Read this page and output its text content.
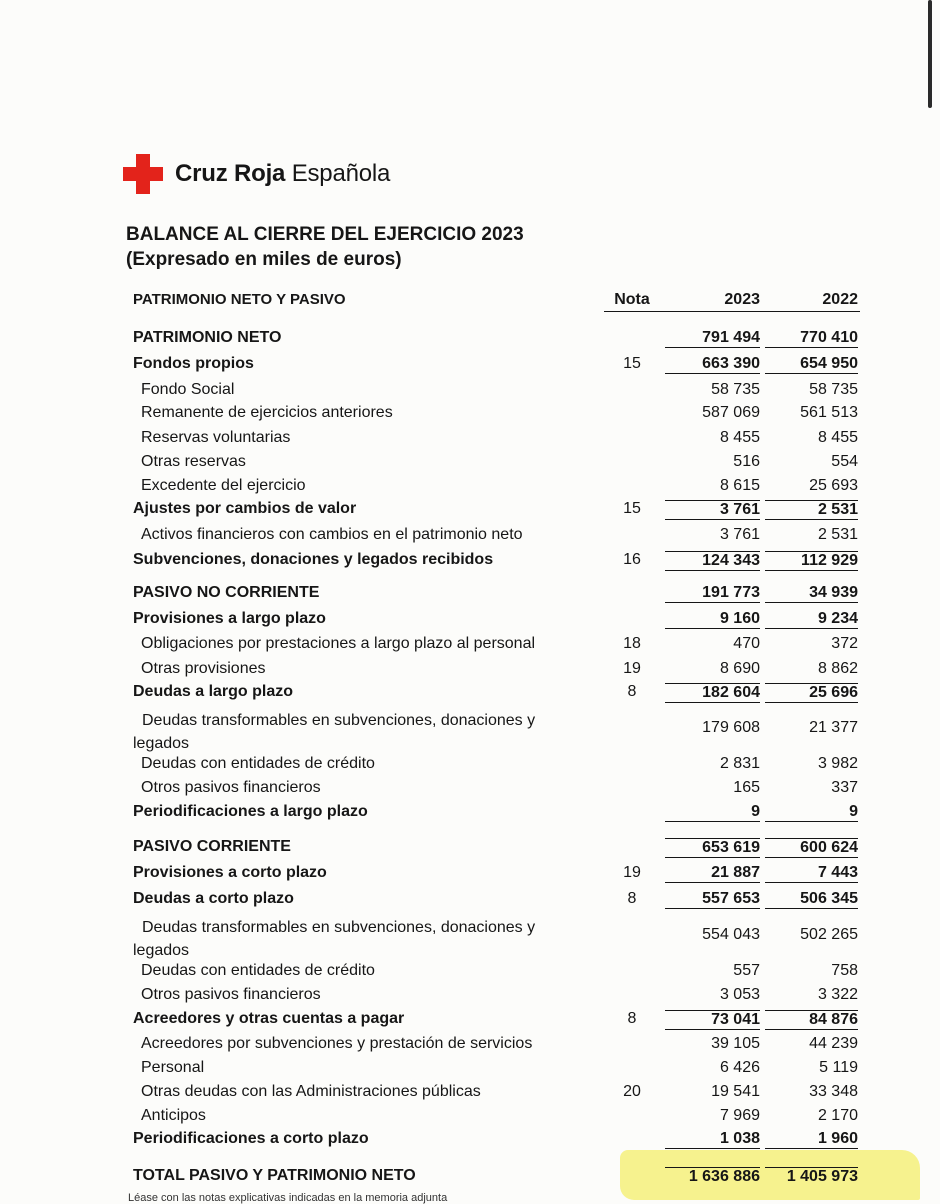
Cruz Roja Española
BALANCE AL CIERRE DEL EJERCICIO 2023
(Expresado en miles de euros)
PATRIMONIO NETO Y PASIVO	Nota	2023	2022
PATRIMONIO NETO	791 494	770 410
Fondos propios	15	663 390	654 950
Fondo Social	58 735	58 735
Remanente de ejercicios anteriores	587 069	561 513
Reservas voluntarias	8 455	8 455
Otras reservas	516	554
Excedente del ejercicio	8 615	25 693
Ajustes por cambios de valor	15	3 761	2 531
Activos financieros con cambios en el patrimonio neto	3 761	2 531
Subvenciones, donaciones y legados recibidos	16	124 343	112 929
PASIVO NO CORRIENTE	191 773	34 939
Provisiones a largo plazo	9 160	9 234
Obligaciones por prestaciones a largo plazo al personal	18	470	372
Otras provisiones	19	8 690	8 862
Deudas a largo plazo	8	182 604	25 696
Deudas transformables en subvenciones, donaciones y
legados
179 608	21 377
Deudas con entidades de crédito	2 831	3 982
Otros pasivos financieros	165	337
Periodificaciones a largo plazo	9	9
PASIVO CORRIENTE	653 619	600 624
Provisiones a corto plazo	19	21 887	7 443
Deudas a corto plazo	8	557 653	506 345
Deudas transformables en subvenciones, donaciones y
legados
554 043	502 265
Deudas con entidades de crédito	557	758
Otros pasivos financieros	3 053	3 322
Acreedores y otras cuentas a pagar	8	73 041	84 876
Acreedores por subvenciones y prestación de servicios	39 105	44 239
Personal	6 426	5 119
Otras deudas con las Administraciones públicas	20	19 541	33 348
Anticipos	7 969	2 170
Periodificaciones a corto plazo	1 038	1 960
TOTAL PASIVO Y PATRIMONIO NETO	1 636 886	1 405 973
Léase con las notas explicativas indicadas en la memoria adjunta
